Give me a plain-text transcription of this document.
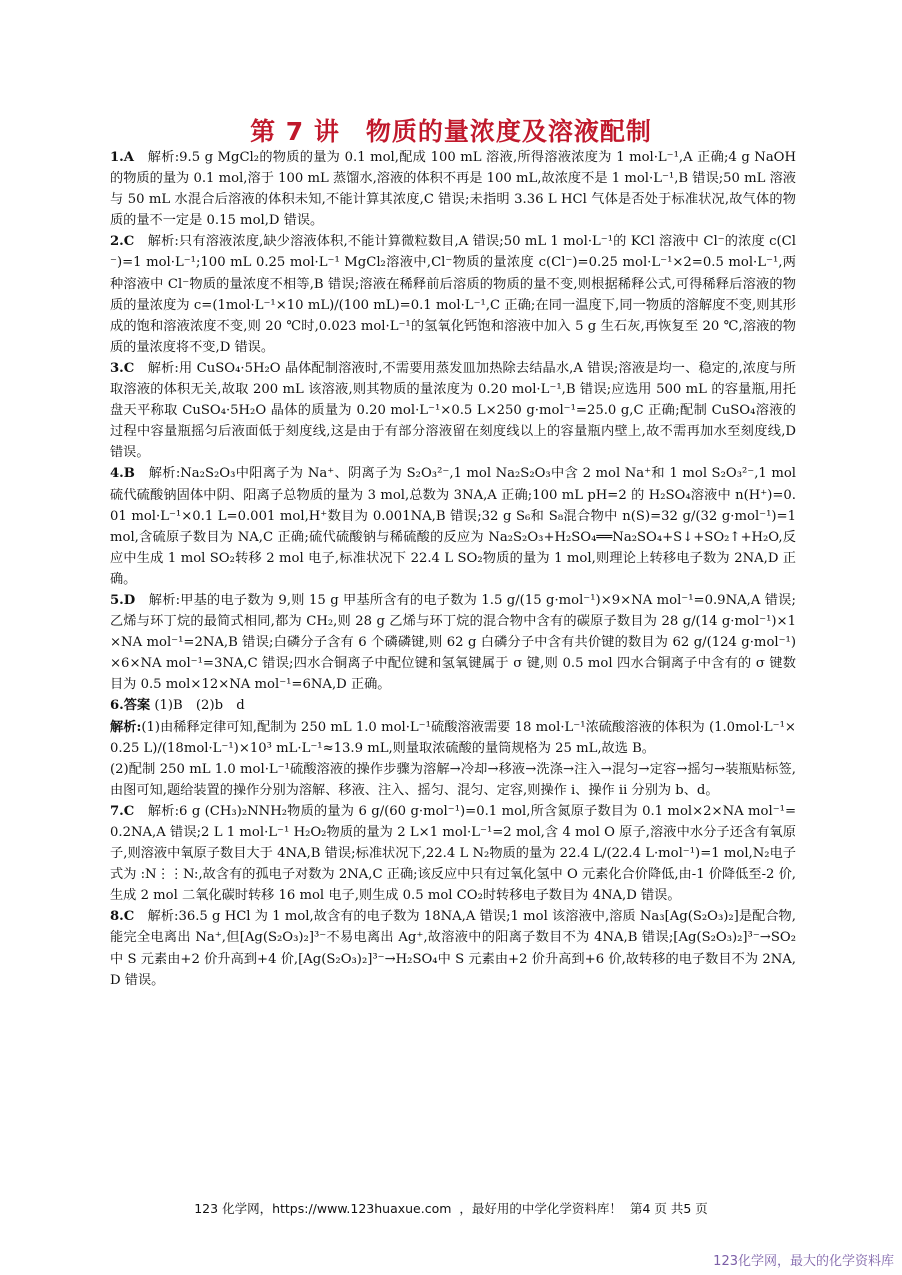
第 7 讲　物质的量浓度及溶液配制

1.A　解析:9.5 g MgCl₂的物质的量为 0.1 mol,配成 100 mL 溶液,所得溶液浓度为 1 mol·L⁻¹,A 正确;4 g NaOH 的物质的量为 0.1 mol,溶于 100 mL 蒸馏水,溶液的体积不再是 100 mL,故浓度不是 1 mol·L⁻¹,B 错误;50 mL 溶液与 50 mL 水混合后溶液的体积未知,不能计算其浓度,C 错误;未指明 3.36 L HCl 气体是否处于标准状况,故气体的物质的量不一定是 0.15 mol,D 错误。

2.C　解析:只有溶液浓度,缺少溶液体积,不能计算微粒数目,A 错误;50 mL 1 mol·L⁻¹的 KCl 溶液中 Cl⁻的浓度 c(Cl⁻)=1 mol·L⁻¹;100 mL 0.25 mol·L⁻¹ MgCl₂溶液中,Cl⁻物质的量浓度 c(Cl⁻)=0.25 mol·L⁻¹×2=0.5 mol·L⁻¹,两种溶液中 Cl⁻物质的量浓度不相等,B 错误;溶液在稀释前后溶质的物质的量不变,则根据稀释公式,可得稀释后溶液的物质的量浓度为 c=(1mol·L⁻¹×10 mL)/(100 mL)=0.1 mol·L⁻¹,C 正确;在同一温度下,同一物质的溶解度不变,则其形成的饱和溶液浓度不变,则 20 ℃时,0.023 mol·L⁻¹的氢氧化钙饱和溶液中加入 5 g 生石灰,再恢复至 20 ℃,溶液的物质的量浓度将不变,D 错误。

3.C　解析:用 CuSO₄·5H₂O 晶体配制溶液时,不需要用蒸发皿加热除去结晶水,A 错误;溶液是均一、稳定的,浓度与所取溶液的体积无关,故取 200 mL 该溶液,则其物质的量浓度为 0.20 mol·L⁻¹,B 错误;应选用 500 mL 的容量瓶,用托盘天平称取 CuSO₄·5H₂O 晶体的质量为 0.20 mol·L⁻¹×0.5 L×250 g·mol⁻¹=25.0 g,C 正确;配制 CuSO₄溶液的过程中容量瓶摇匀后液面低于刻度线,这是由于有部分溶液留在刻度线以上的容量瓶内壁上,故不需再加水至刻度线,D 错误。

4.B　解析:Na₂S₂O₃中阳离子为 Na⁺、阴离子为 S₂O₃²⁻,1 mol Na₂S₂O₃中含 2 mol Na⁺和 1 mol S₂O₃²⁻,1 mol 硫代硫酸钠固体中阴、阳离子总物质的量为 3 mol,总数为 3NA,A 正确;100 mL pH=2 的 H₂SO₄溶液中 n(H⁺)=0.01 mol·L⁻¹×0.1 L=0.001 mol,H⁺数目为 0.001NA,B 错误;32 g S₆和 S₈混合物中 n(S)=32 g/(32 g·mol⁻¹)=1 mol,含硫原子数目为 NA,C 正确;硫代硫酸钠与稀硫酸的反应为 Na₂S₂O₃+H₂SO₄══Na₂SO₄+S↓+SO₂↑+H₂O,反应中生成 1 mol SO₂转移 2 mol 电子,标准状况下 22.4 L SO₂物质的量为 1 mol,则理论上转移电子数为 2NA,D 正确。

5.D　解析:甲基的电子数为 9,则 15 g 甲基所含有的电子数为 1.5 g/(15 g·mol⁻¹)×9×NA mol⁻¹=0.9NA,A 错误;乙烯与环丁烷的最简式相同,都为 CH₂,则 28 g 乙烯与环丁烷的混合物中含有的碳原子数目为 28 g/(14 g·mol⁻¹)×1×NA mol⁻¹=2NA,B 错误;白磷分子含有 6 个磷磷键,则 62 g 白磷分子中含有共价键的数目为 62 g/(124 g·mol⁻¹)×6×NA mol⁻¹=3NA,C 错误;四水合铜离子中配位键和氢氧键属于 σ 键,则 0.5 mol 四水合铜离子中含有的 σ 键数目为 0.5 mol×12×NA mol⁻¹=6NA,D 正确。

6.答案 (1)B　(2)b　d

解析:(1)由稀释定律可知,配制为 250 mL 1.0 mol·L⁻¹硫酸溶液需要 18 mol·L⁻¹浓硫酸溶液的体积为 (1.0mol·L⁻¹×0.25 L)/(18mol·L⁻¹)×10³ mL·L⁻¹≈13.9 mL,则量取浓硫酸的量筒规格为 25 mL,故选 B。

(2)配制 250 mL 1.0 mol·L⁻¹硫酸溶液的操作步骤为溶解→冷却→移液→洗涤→注入→混匀→定容→摇匀→装瓶贴标签,由图可知,题给装置的操作分别为溶解、移液、注入、摇匀、混匀、定容,则操作 ⅰ、操作 ⅱ 分别为 b、d。

7.C　解析:6 g (CH₃)₂NNH₂物质的量为 6 g/(60 g·mol⁻¹)=0.1 mol,所含氮原子数目为 0.1 mol×2×NA mol⁻¹=0.2NA,A 错误;2 L 1 mol·L⁻¹ H₂O₂物质的量为 2 L×1 mol·L⁻¹=2 mol,含 4 mol O 原子,溶液中水分子还含有氧原子,则溶液中氧原子数目大于 4NA,B 错误;标准状况下,22.4 L N₂物质的量为 22.4 L/(22.4 L·mol⁻¹)=1 mol,N₂电子式为 :N⋮⋮N:,故含有的孤电子对数为 2NA,C 正确;该反应中只有过氧化氢中 O 元素化合价降低,由-1 价降低至-2 价,生成 2 mol 二氧化碳时转移 16 mol 电子,则生成 0.5 mol CO₂时转移电子数目为 4NA,D 错误。

8.C　解析:36.5 g HCl 为 1 mol,故含有的电子数为 18NA,A 错误;1 mol 该溶液中,溶质 Na₃[Ag(S₂O₃)₂]是配合物,能完全电离出 Na⁺,但[Ag(S₂O₃)₂]³⁻不易电离出 Ag⁺,故溶液中的阳离子数目不为 4NA,B 错误;[Ag(S₂O₃)₂]³⁻→SO₂中 S 元素由+2 价升高到+4 价,[Ag(S₂O₃)₂]³⁻→H₂SO₄中 S 元素由+2 价升高到+6 价,故转移的电子数目不为 2NA,D 错误。

123 化学网，https://www.123huaxue.com ，最好用的中学化学资料库！ 第4 页 共5 页
123化学网，最大的化学资料库
